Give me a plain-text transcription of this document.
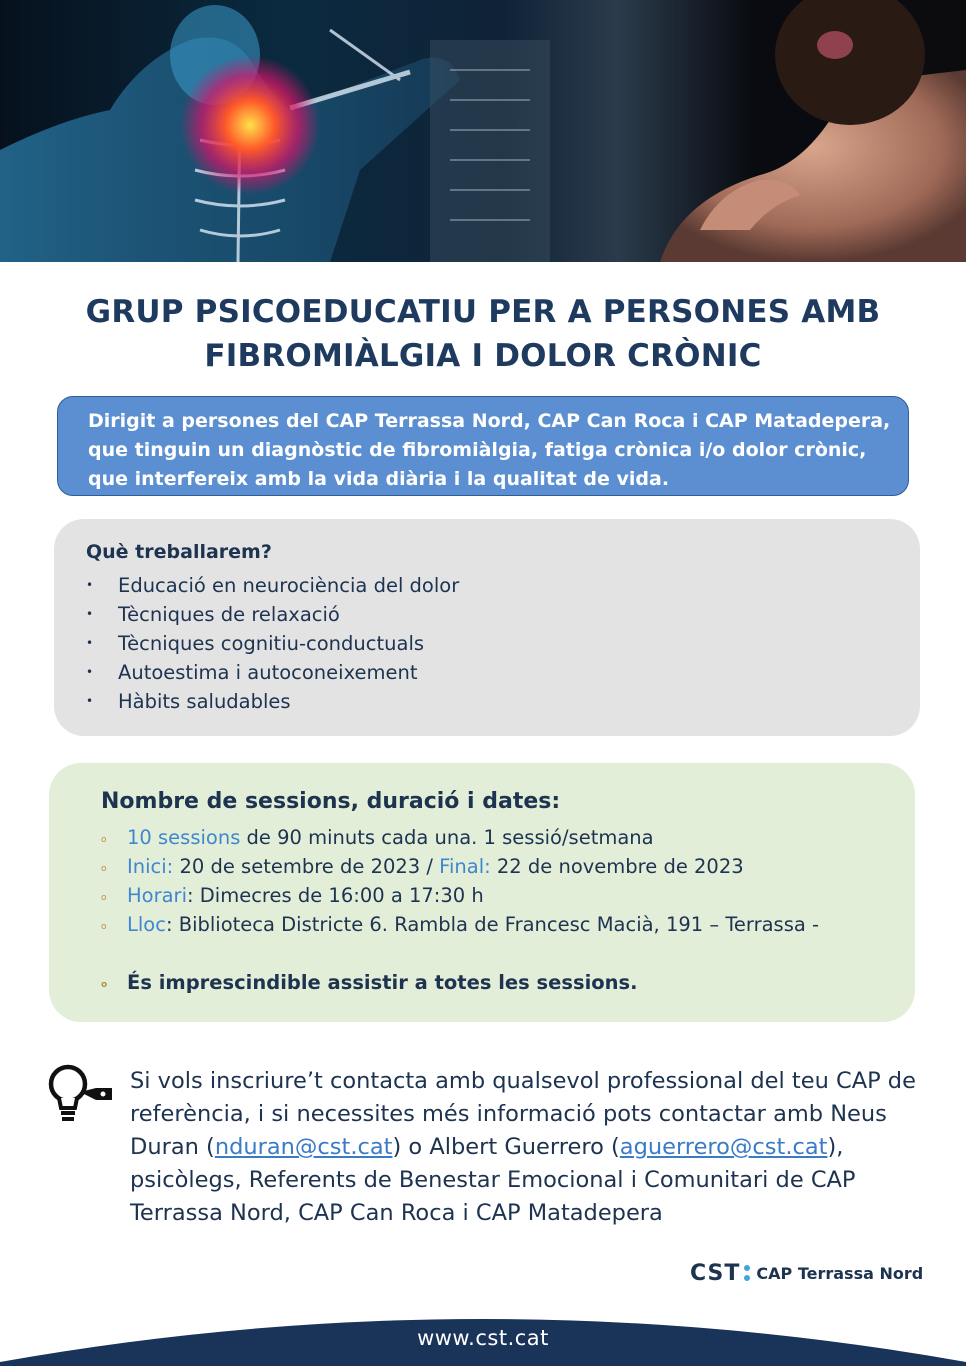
GRUP PSICOEDUCATIU PER A PERSONES AMB
FIBROMIÀLGIA I DOLOR CRÒNIC
Dirigit a persones del CAP Terrassa Nord, CAP Can Roca i CAP Matadepera,
que tinguin un diagnòstic de fibromiàlgia, fatiga crònica i/o dolor crònic,
que interfereix amb la vida diària i la qualitat de vida.
Què treballarem?
• Educació en neurociència del dolor
• Tècniques de relaxació
• Tècniques cognitiu-conductuals
• Autoestima i autoconeixement
• Hàbits saludables
Nombre de sessions, duració i dates:
o 10 sessions de 90 minuts cada una. 1 sessió/setmana
o Inici: 20 de setembre de 2023 / Final: 22 de novembre de 2023
o Horari: Dimecres de 16:00 a 17:30 h
o Lloc: Biblioteca Districte 6. Rambla de Francesc Macià, 191 – Terrassa -
o És imprescindible assistir a totes les sessions.
Si vols inscriure’t contacta amb qualsevol professional del teu CAP de
referència, i si necessites més informació pots contactar amb Neus
Duran (nduran@cst.cat) o Albert Guerrero (aguerrero@cst.cat),
psicòlegs, Referents de Benestar Emocional i Comunitari de CAP
Terrassa Nord, CAP Can Roca i CAP Matadepera
CST CAP Terrassa Nord
www.cst.cat
